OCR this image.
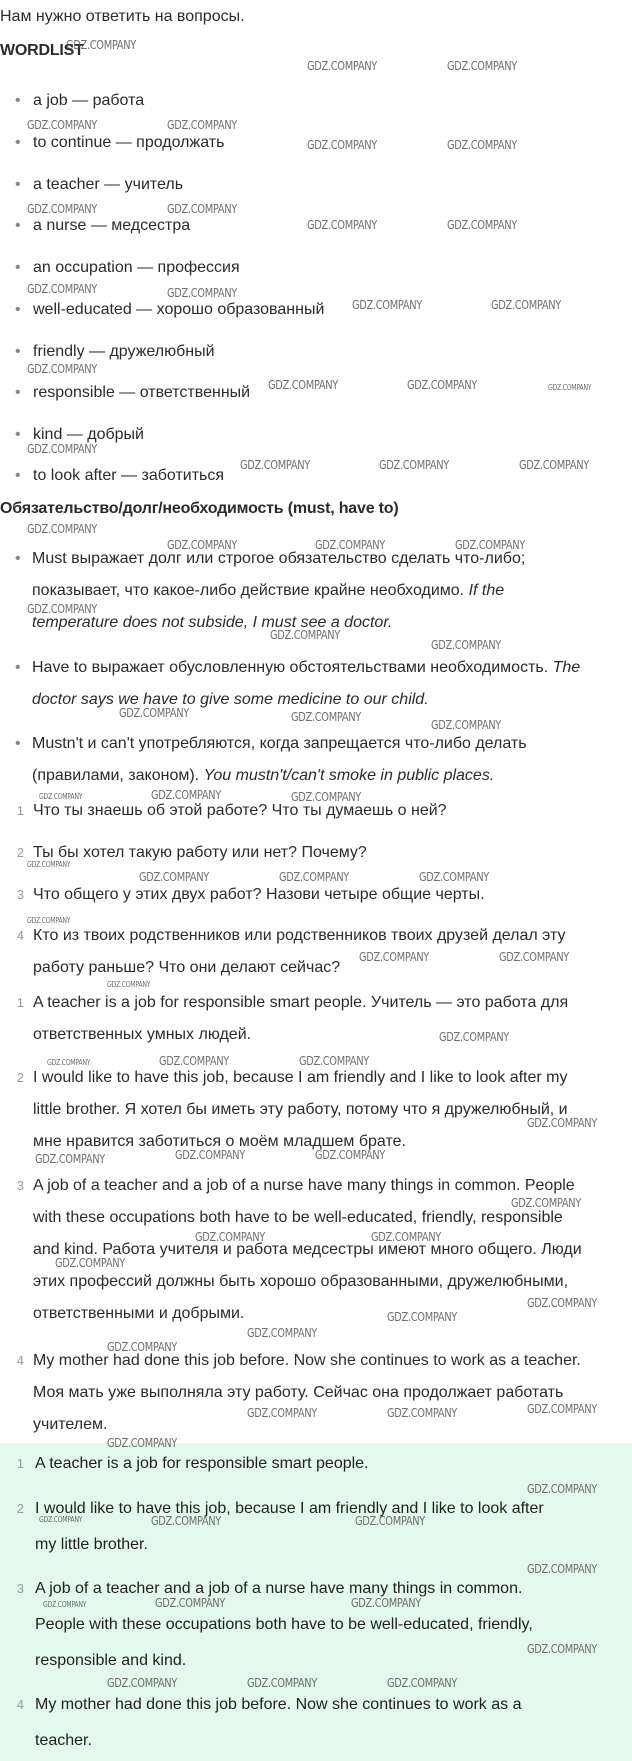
Нам нужно ответить на вопросы.

WORDLIST

• a job — работа
• to continue — продолжать
• a teacher — учитель
• a nurse — медсестра
• an occupation — профессия
• well-educated — хорошо образованный
• friendly — дружелюбный
• responsible — ответственный
• kind — добрый
• to look after — заботиться

Обязательство/долг/необходимость (must, have to)

• Must выражает долг или строгое обязательство сделать что-либо;
показывает, что какое-либо действие крайне необходимо. If the
temperature does not subside, I must see a doctor.
• Have to выражает обусловленную обстоятельствами необходимость. The
doctor says we have to give some medicine to our child.
• Mustn't и can't употребляются, когда запрещается что-либо делать
(правилами, законом). You mustn't/can't smoke in public places.
1 Что ты знаешь об этой работе? Что ты думаешь о ней?
2 Ты бы хотел такую работу или нет? Почему?
3 Что общего у этих двух работ? Назови четыре общие черты.
4 Кто из твоих родственников или родственников твоих друзей делал эту
работу раньше? Что они делают сейчас?
1 A teacher is a job for responsible smart people. Учитель — это работа для
ответственных умных людей.
2 I would like to have this job, because I am friendly and I like to look after my
little brother. Я хотел бы иметь эту работу, потому что я дружелюбный, и
мне нравится заботиться о моём младшем брате.
3 A job of a teacher and a job of a nurse have many things in common. People
with these occupations both have to be well-educated, friendly, responsible
and kind. Работа учителя и работа медсестры имеют много общего. Люди
этих профессий должны быть хорошо образованными, дружелюбными,
ответственными и добрыми.
4 My mother had done this job before. Now she continues to work as a teacher.
Моя мать уже выполняла эту работу. Сейчас она продолжает работать
учителем.
1 A teacher is a job for responsible smart people.
2 I would like to have this job, because I am friendly and I like to look after
my little brother.
3 A job of a teacher and a job of a nurse have many things in common.
People with these occupations both have to be well-educated, friendly,
responsible and kind.
4 My mother had done this job before. Now she continues to work as a
teacher.
GDZ.COMPANY
GDZ.COMPANY	GDZ.COMPANY
GDZ.COMPANY	GDZ.COMPANY
GDZ.COMPANY	GDZ.COMPANY
GDZ.COMPANY	GDZ.COMPANY
GDZ.COMPANY	GDZ.COMPANY
GDZ.COMPANY	GDZ.COMPANY
GDZ.COMPANY	GDZ.COMPANY
GDZ.COMPANY
GDZ.COMPANY	GDZ.COMPANY	GDZ.COMPANY
GDZ.COMPANY
GDZ.COMPANY	GDZ.COMPANY	GDZ.COMPANY
GDZ.COMPANY
GDZ.COMPANY	GDZ.COMPANY	GDZ.COMPANY
GDZ.COMPANY
GDZ.COMPANY
GDZ.COMPANY
GDZ.COMPANY	GDZ.COMPANY
GDZ.COMPANY
GDZ.COMPANY	GDZ.COMPANY	GDZ.COMPANY
GDZ.COMPANY
GDZ.COMPANY	GDZ.COMPANY	GDZ.COMPANY
GDZ.COMPANY
GDZ.COMPANY	GDZ.COMPANY
GDZ.COMPANY
GDZ.COMPANY
GDZ.COMPANY	GDZ.COMPANY	GDZ.COMPANY
GDZ.COMPANY
GDZ.COMPANY	GDZ.COMPANY	GDZ.COMPANY
GDZ.COMPANY
GDZ.COMPANY	GDZ.COMPANY
GDZ.COMPANY
GDZ.COMPANY
GDZ.COMPANY
GDZ.COMPANY
GDZ.COMPANY
GDZ.COMPANY
GDZ.COMPANY
GDZ.COMPANY
GDZ.COMPANY
GDZ.COMPANY
GDZ.COMPANY	GDZ.COMPANY	GDZ.COMPANY
GDZ.COMPANY
GDZ.COMPANY	GDZ.COMPANY	GDZ.COMPANY
GDZ.COMPANY
GDZ.COMPANY	GDZ.COMPANY	GDZ.COMPANY
